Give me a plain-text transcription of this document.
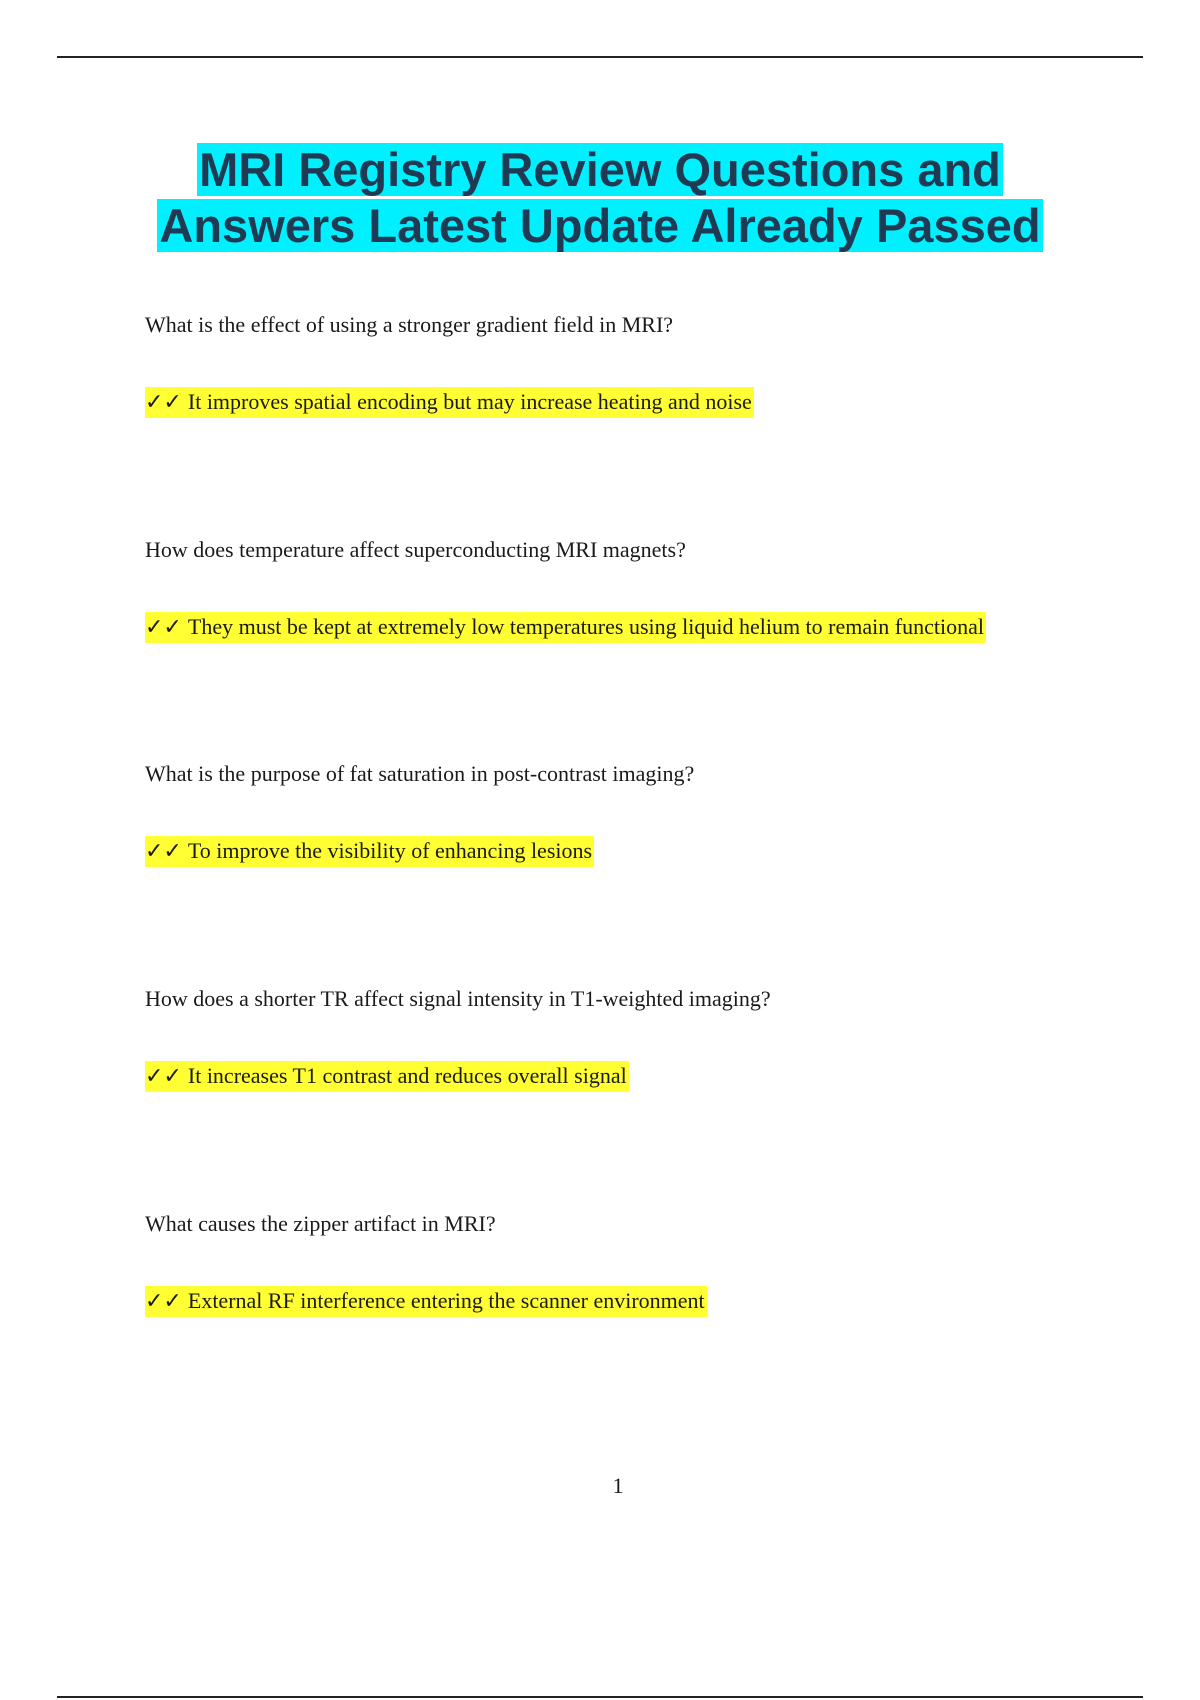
MRI Registry Review Questions and
Answers Latest Update Already Passed
What is the effect of using a stronger gradient field in MRI?
✓✓ It improves spatial encoding but may increase heating and noise
How does temperature affect superconducting MRI magnets?
✓✓ They must be kept at extremely low temperatures using liquid helium to remain functional
What is the purpose of fat saturation in post-contrast imaging?
✓✓ To improve the visibility of enhancing lesions
How does a shorter TR affect signal intensity in T1-weighted imaging?
✓✓ It increases T1 contrast and reduces overall signal
What causes the zipper artifact in MRI?
✓✓ External RF interference entering the scanner environment
1
